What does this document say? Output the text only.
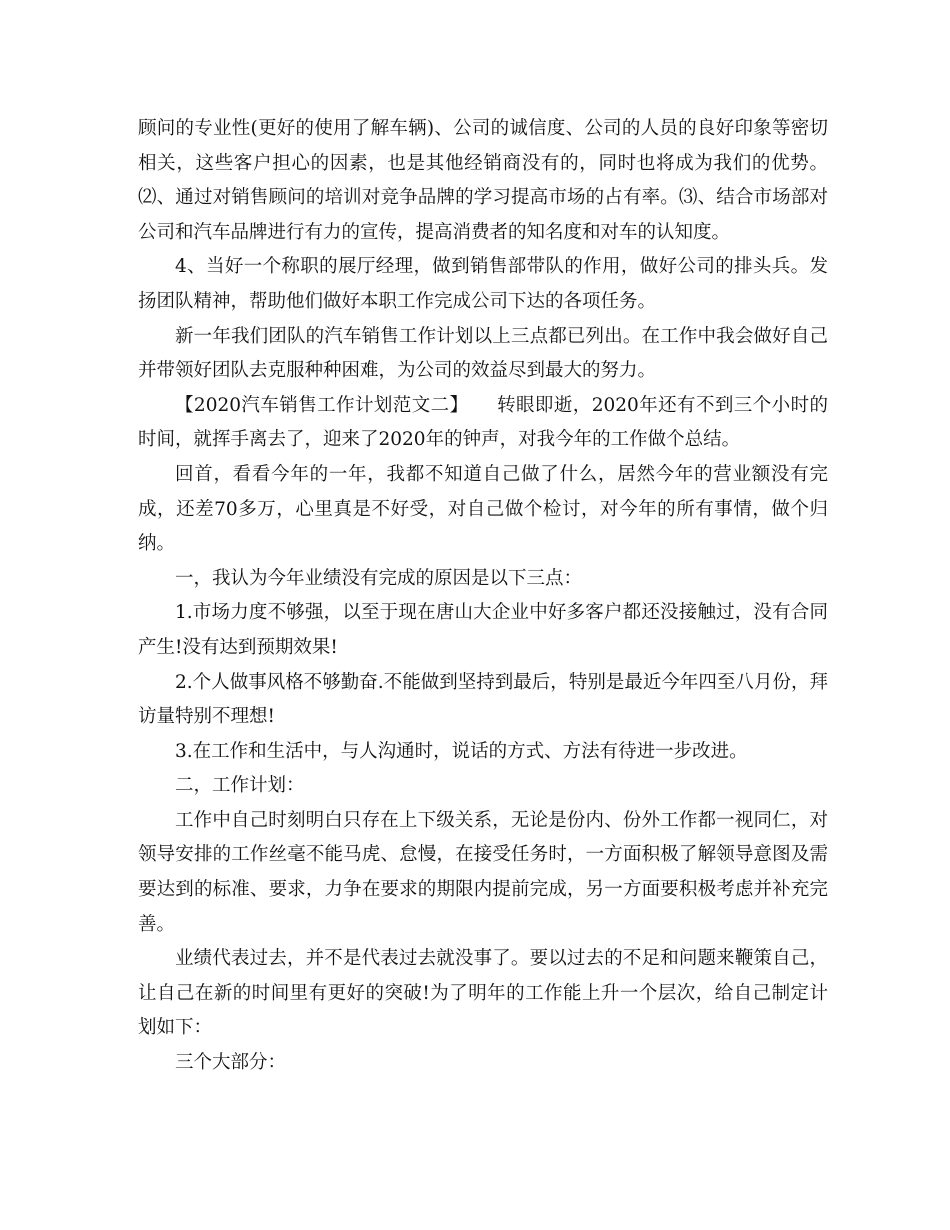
顾问的专业性(更好的使用了解车辆)、公司的诚信度、公司的人员的良好印象等密切相关，这些客户担心的因素，也是其他经销商没有的，同时也将成为我们的优势。⑵、通过对销售顾问的培训对竞争品牌的学习提高市场的占有率。⑶、结合市场部对公司和汽车品牌进行有力的宣传，提高消费者的知名度和对车的认知度。

4、当好一个称职的展厅经理，做到销售部带队的作用，做好公司的排头兵。发扬团队精神，帮助他们做好本职工作完成公司下达的各项任务。

新一年我们团队的汽车销售工作计划以上三点都已列出。在工作中我会做好自己并带领好团队去克服种种困难，为公司的效益尽到最大的努力。

【2020汽车销售工作计划范文二】　　转眼即逝，2020年还有不到三个小时的时间，就挥手离去了，迎来了2020年的钟声，对我今年的工作做个总结。

回首，看看今年的一年，我都不知道自己做了什么，居然今年的营业额没有完成，还差70多万，心里真是不好受，对自己做个检讨，对今年的所有事情，做个归纳。

一，我认为今年业绩没有完成的原因是以下三点：

1.市场力度不够强，以至于现在唐山大企业中好多客户都还没接触过，没有合同产生!没有达到预期效果!

2.个人做事风格不够勤奋.不能做到坚持到最后，特别是最近今年四至八月份，拜访量特别不理想!

3.在工作和生活中，与人沟通时，说话的方式、方法有待进一步改进。

二，工作计划：

工作中自己时刻明白只存在上下级关系，无论是份内、份外工作都一视同仁，对领导安排的工作丝毫不能马虎、怠慢，在接受任务时，一方面积极了解领导意图及需要达到的标准、要求，力争在要求的期限内提前完成，另一方面要积极考虑并补充完善。

业绩代表过去，并不是代表过去就没事了。要以过去的不足和问题来鞭策自己，让自己在新的时间里有更好的突破!为了明年的工作能上升一个层次，给自己制定计划如下：

三个大部分：
